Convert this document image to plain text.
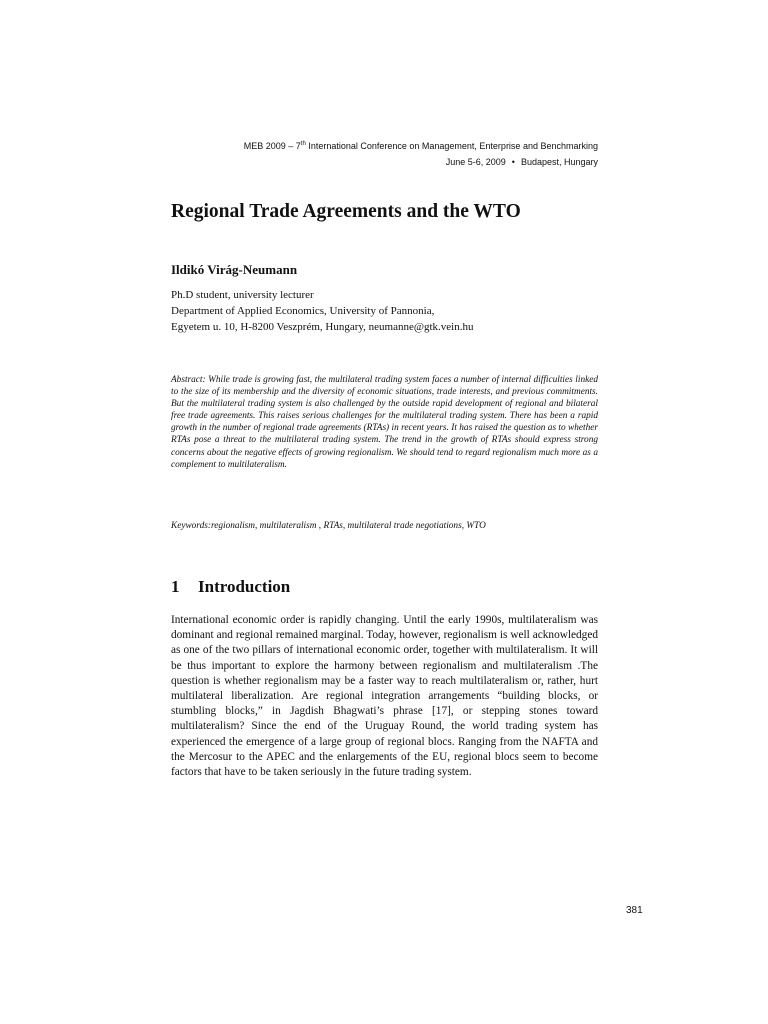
MEB 2009 – 7th International Conference on Management, Enterprise and Benchmarking
June 5-6, 2009 • Budapest, Hungary
Regional Trade Agreements and the WTO
Ildikó Virág-Neumann
Ph.D student, university lecturer
Department of Applied Economics, University of Pannonia,
Egyetem u. 10, H-8200 Veszprém, Hungary, neumanne@gtk.vein.hu

Abstract: While trade is growing fast, the multilateral trading system faces a number of internal difficulties linked to the size of its membership and the diversity of economic situations, trade interests, and previous commitments. But the multilateral trading system is also challenged by the outside rapid development of regional and bilateral free trade agreements. This raises serious challenges for the multilateral trading system. There has been a rapid growth in the number of regional trade agreements (RTAs) in recent years. It has raised the question as to whether RTAs pose a threat to the multilateral trading system. The trend in the growth of RTAs should express strong concerns about the negative effects of growing regionalism. We should tend to regard regionalism much more as a complement to multilateralism.

Keywords:regionalism, multilateralism , RTAs, multilateral trade negotiations, WTO

1 Introduction

International economic order is rapidly changing. Until the early 1990s, multilateralism was dominant and regional remained marginal. Today, however, regionalism is well acknowledged as one of the two pillars of international economic order, together with multilateralism. It will be thus important to explore the harmony between regionalism and multilateralism .The question is whether regionalism may be a faster way to reach multilateralism or, rather, hurt multilateral liberalization. Are regional integration arrangements “building blocks, or stumbling blocks,” in Jagdish Bhagwati’s phrase [17], or stepping stones toward multilateralism? Since the end of the Uruguay Round, the world trading system has experienced the emergence of a large group of regional blocs. Ranging from the NAFTA and the Mercosur to the APEC and the enlargements of the EU, regional blocs seem to become factors that have to be taken seriously in the future trading system.

381
